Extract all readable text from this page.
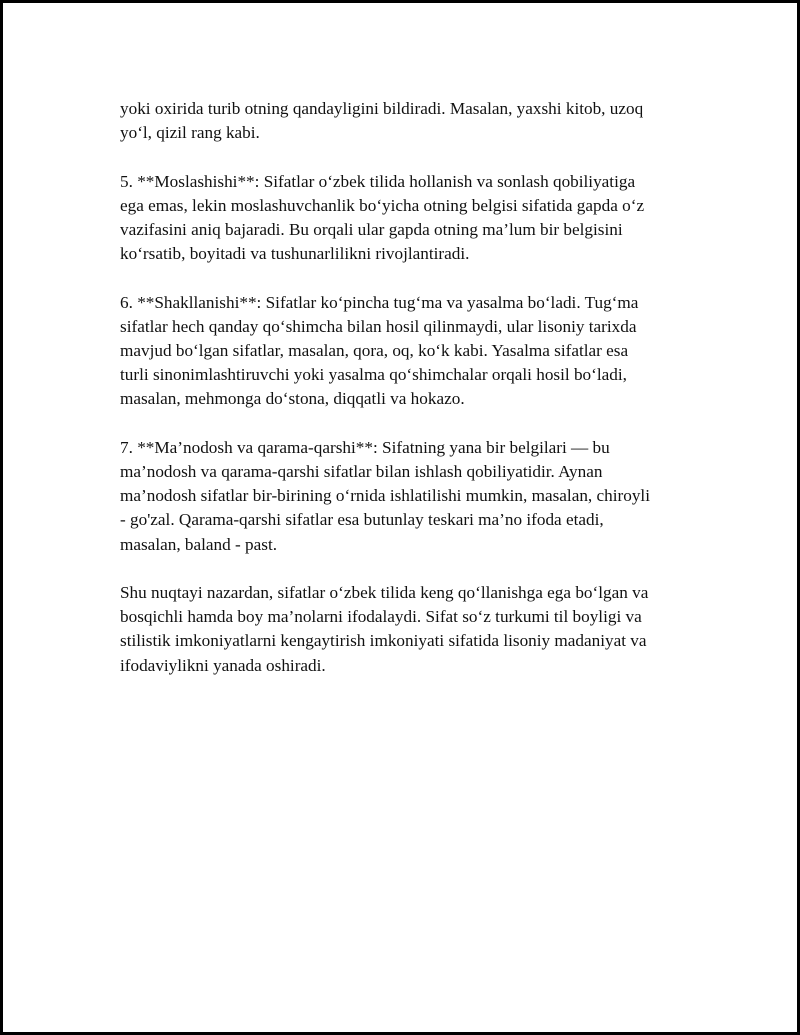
yoki oxirida turib otning qandayligini bildiradi. Masalan, yaxshi kitob, uzoq
yo‘l, qizil rang kabi.

5. **Moslashishi**: Sifatlar o‘zbek tilida hollanish va sonlash qobiliyatiga
ega emas, lekin moslashuvchanlik bo‘yicha otning belgisi sifatida gapda o‘z
vazifasini aniq bajaradi. Bu orqali ular gapda otning ma’lum bir belgisini
ko‘rsatib, boyitadi va tushunarlilikni rivojlantiradi.

6. **Shakllanishi**: Sifatlar ko‘pincha tug‘ma va yasalma bo‘ladi. Tug‘ma
sifatlar hech qanday qo‘shimcha bilan hosil qilinmaydi, ular lisoniy tarixda
mavjud bo‘lgan sifatlar, masalan, qora, oq, ko‘k kabi. Yasalma sifatlar esa
turli sinonimlashtiruvchi yoki yasalma qo‘shimchalar orqali hosil bo‘ladi,
masalan, mehmonga do‘stona, diqqatli va hokazo.

7. **Ma’nodosh va qarama-qarshi**: Sifatning yana bir belgilari — bu
ma’nodosh va qarama-qarshi sifatlar bilan ishlash qobiliyatidir. Aynan
ma’nodosh sifatlar bir-birining o‘rnida ishlatilishi mumkin, masalan, chiroyli
- go'zal. Qarama-qarshi sifatlar esa butunlay teskari ma’no ifoda etadi,
masalan, baland - past.

Shu nuqtayi nazardan, sifatlar o‘zbek tilida keng qo‘llanishga ega bo‘lgan va
bosqichli hamda boy ma’nolarni ifodalaydi. Sifat so‘z turkumi til boyligi va
stilistik imkoniyatlarni kengaytirish imkoniyati sifatida lisoniy madaniyat va
ifodaviylikni yanada oshiradi.
